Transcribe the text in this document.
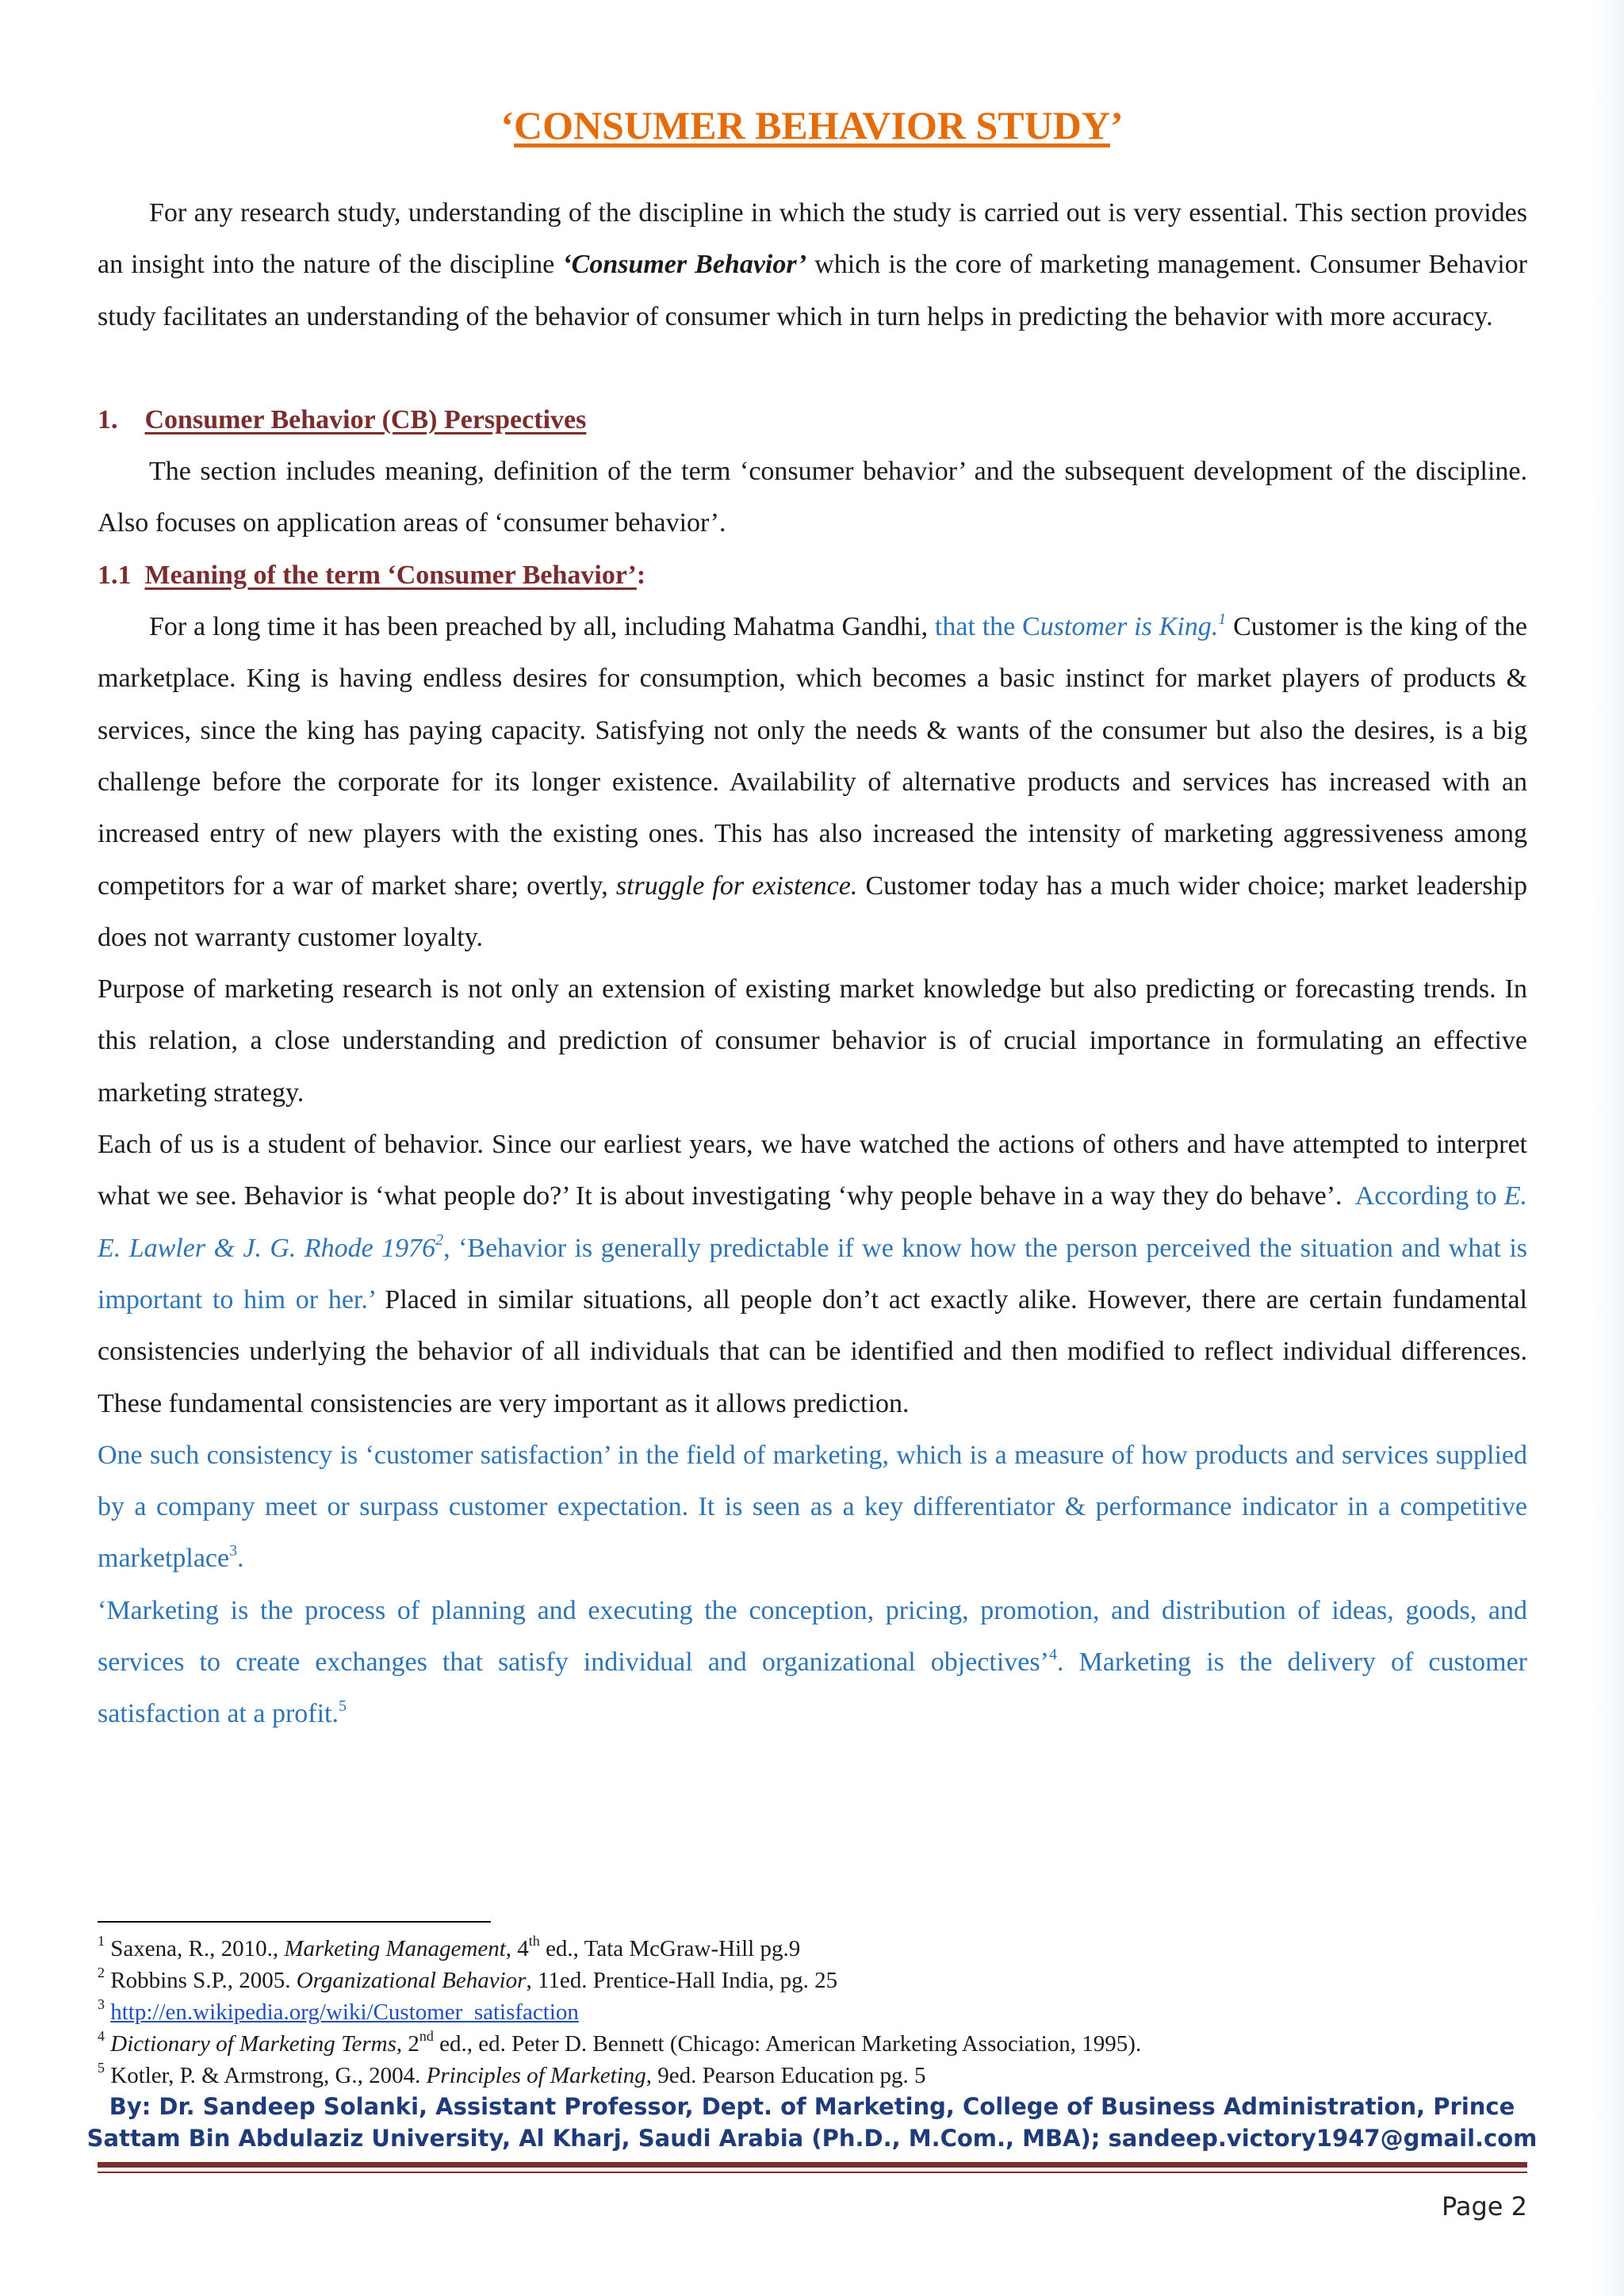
‘CONSUMER BEHAVIOR STUDY’

For any research study, understanding of the discipline in which the study is carried out is very essential. This section provides an insight into the nature of the discipline ‘Consumer Behavior’ which is the core of marketing management. Consumer Behavior study facilitates an understanding of the behavior of consumer which in turn helps in predicting the behavior with more accuracy.

1. Consumer Behavior (CB) Perspectives

The section includes meaning, definition of the term ‘consumer behavior’ and the subsequent development of the discipline. Also focuses on application areas of ‘consumer behavior’.

1.1 Meaning of the term ‘Consumer Behavior’:

For a long time it has been preached by all, including Mahatma Gandhi, that the Customer is King.$^1$ Customer is the king of the marketplace. King is having endless desires for consumption, which becomes a basic instinct for market players of products & services, since the king has paying capacity. Satisfying not only the needs & wants of the consumer but also the desires, is a big challenge before the corporate for its longer existence. Availability of alternative products and services has increased with an increased entry of new players with the existing ones. This has also increased the intensity of marketing aggressiveness among competitors for a war of market share; overtly, struggle for existence. Customer today has a much wider choice; market leadership does not warranty customer loyalty.

Purpose of marketing research is not only an extension of existing market knowledge but also predicting or forecasting trends. In this relation, a close understanding and prediction of consumer behavior is of crucial importance in formulating an effective marketing strategy.

Each of us is a student of behavior. Since our earliest years, we have watched the actions of others and have attempted to interpret what we see. Behavior is ‘what people do?’ It is about investigating ‘why people behave in a way they do behave’.  According to E. E. Lawler & J. G. Rhode 1976$^2$, ‘Behavior is generally predictable if we know how the person perceived the situation and what is important to him or her.’ Placed in similar situations, all people don’t act exactly alike. However, there are certain fundamental consistencies underlying the behavior of all individuals that can be identified and then modified to reflect individual differences. These fundamental consistencies are very important as it allows prediction.

One such consistency is ‘customer satisfaction’ in the field of marketing, which is a measure of how products and services supplied by a company meet or surpass customer expectation. It is seen as a key differentiator & performance indicator in a competitive marketplace$^3$.

‘Marketing is the process of planning and executing the conception, pricing, promotion, and distribution of ideas, goods, and services to create exchanges that satisfy individual and organizational objectives’$^4$. Marketing is the delivery of customer satisfaction at a profit.$^5$

$^1$ Saxena, R., 2010., Marketing Management, 4th ed., Tata McGraw-Hill pg.9

$^2$ Robbins S.P., 2005. Organizational Behavior, 11ed. Prentice-Hall India, pg. 25

$^3$ http://en.wikipedia.org/wiki/Customer_satisfaction

$^4$ Dictionary of Marketing Terms, 2nd ed., ed. Peter D. Bennett (Chicago: American Marketing Association, 1995).

$^5$ Kotler, P. & Armstrong, G., 2004. Principles of Marketing, 9ed. Pearson Education pg. 5

By: Dr. Sandeep Solanki, Assistant Professor, Dept. of Marketing, College of Business Administration, Prince
Sattam Bin Abdulaziz University, Al Kharj, Saudi Arabia (Ph.D., M.Com., MBA); sandeep.victory1947@gmail.com
Page 2
